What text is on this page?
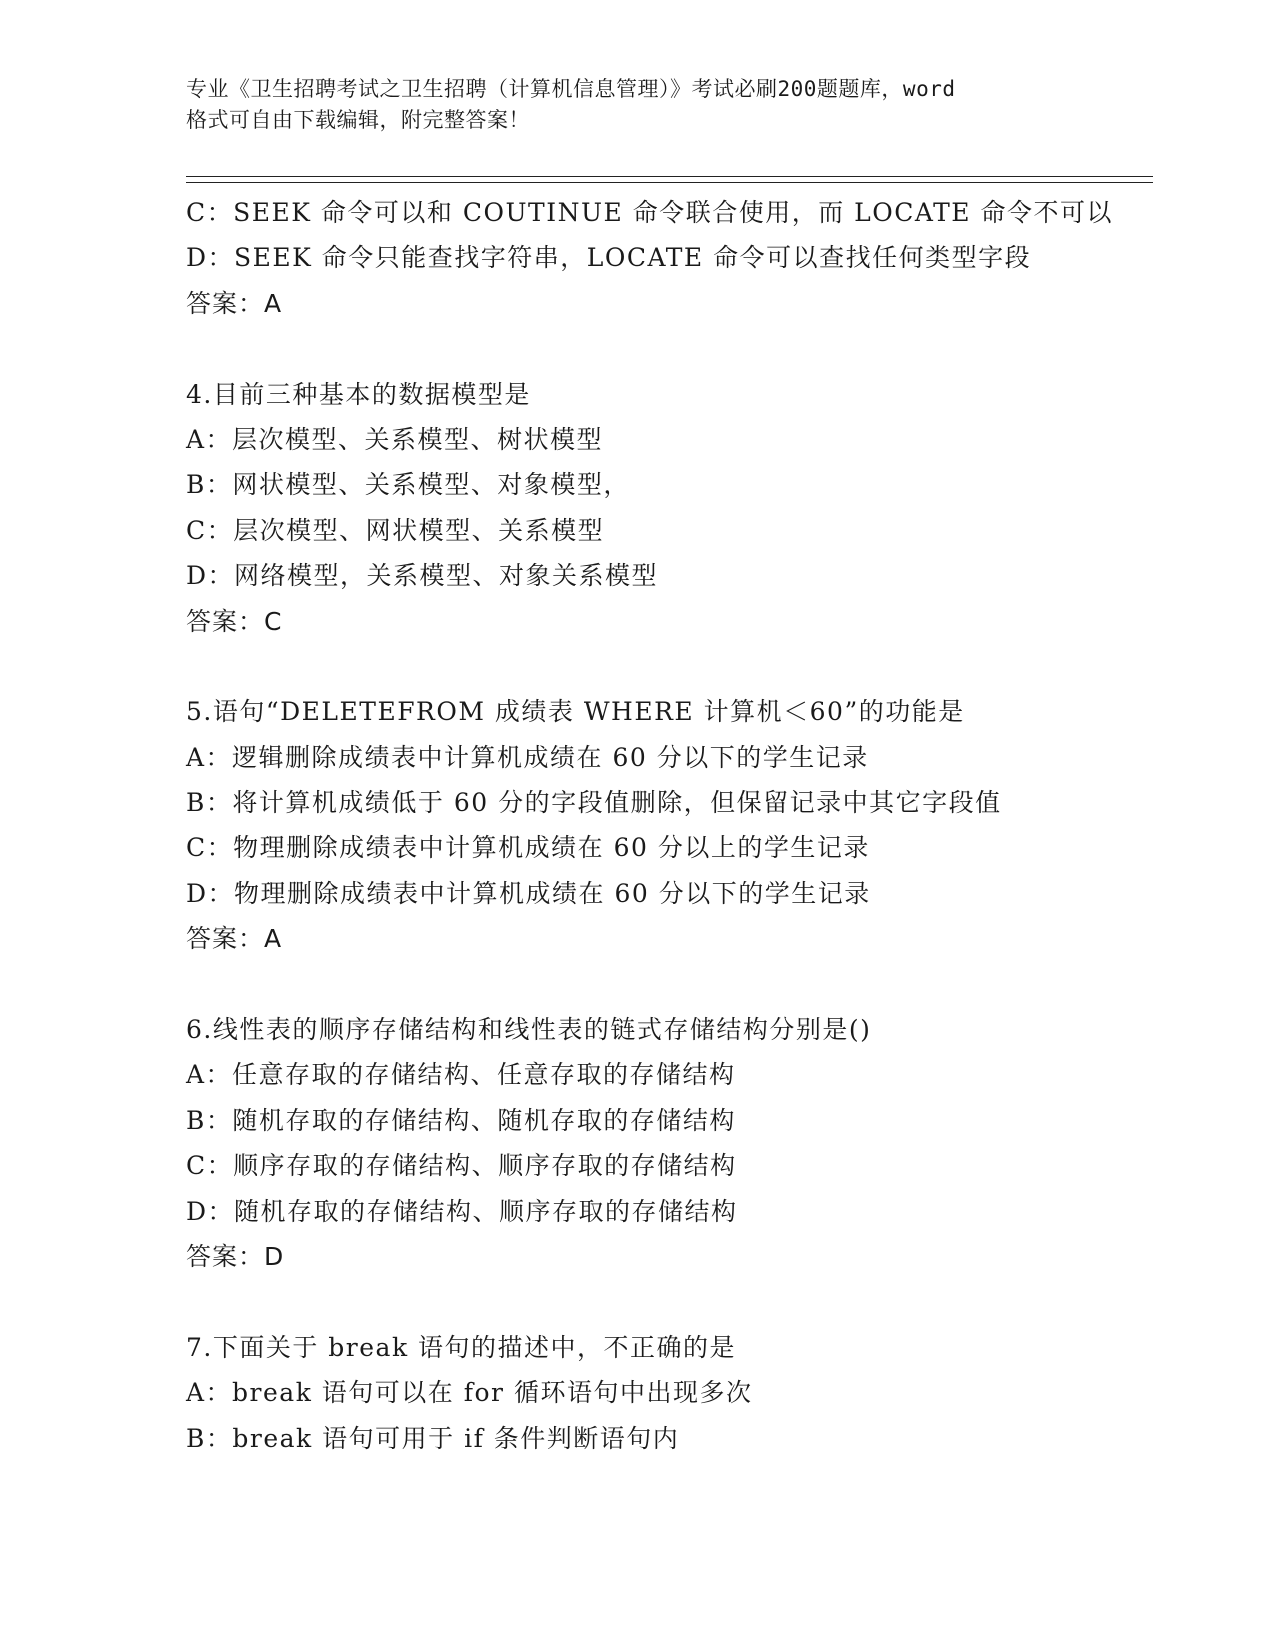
专业《卫生招聘考试之卫生招聘（计算机信息管理）》考试必刷200题题库，word
格式可自由下载编辑，附完整答案！
C：SEEK 命令可以和 COUTINUE 命令联合使用，而 LOCATE 命令不可以
D：SEEK 命令只能查找字符串，LOCATE 命令可以查找任何类型字段
答案：A
4.目前三种基本的数据模型是
A：层次模型、关系模型、树状模型
B：网状模型、关系模型、对象模型，
C：层次模型、网状模型、关系模型
D：网络模型，关系模型、对象关系模型
答案：C
5.语句“DELETEFROM 成绩表 WHERE 计算机＜60”的功能是
A：逻辑删除成绩表中计算机成绩在 60 分以下的学生记录
B：将计算机成绩低于 60 分的字段值删除，但保留记录中其它字段值
C：物理删除成绩表中计算机成绩在 60 分以上的学生记录
D：物理删除成绩表中计算机成绩在 60 分以下的学生记录
答案：A
6.线性表的顺序存储结构和线性表的链式存储结构分别是()
A：任意存取的存储结构、任意存取的存储结构
B：随机存取的存储结构、随机存取的存储结构
C：顺序存取的存储结构、顺序存取的存储结构
D：随机存取的存储结构、顺序存取的存储结构
答案：D
7.下面关于 break 语句的描述中，不正确的是
A：break 语句可以在 for 循环语句中出现多次
B：break 语句可用于 if 条件判断语句内
